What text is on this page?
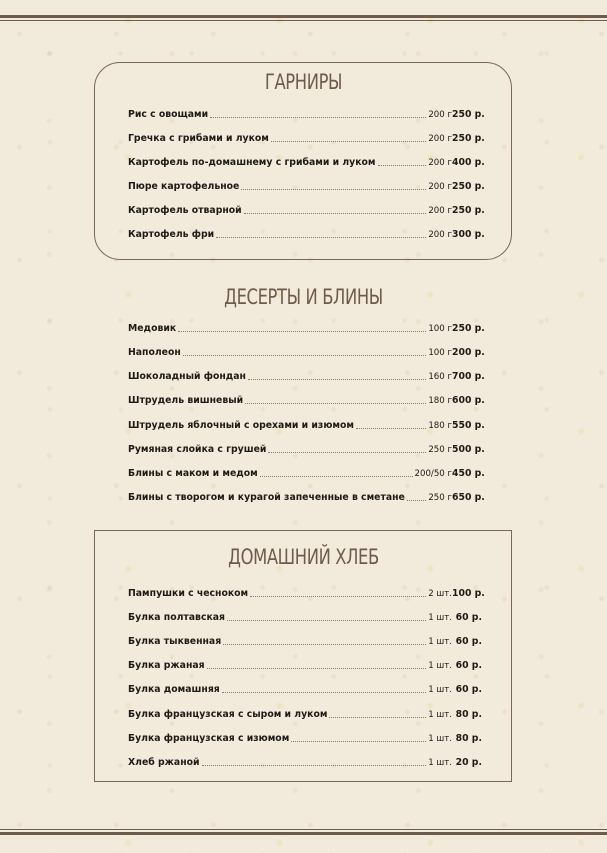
ГАРНИРЫ
Рис с овощами	200 г 250 р.
Гречка с грибами и луком	200 г 250 р.
Картофель по-домашнему с грибами и луком	200 г 400 р.
Пюре картофельное	200 г 250 р.
Картофель отварной	200 г 250 р.
Картофель фри	200 г 300 р.
ДЕСЕРТЫ И БЛИНЫ
Медовик	100 г 250 р.
Наполеон	100 г 200 р.
Шоколадный фондан	160 г 700 р.
Штрудель вишневый	180 г 600 р.
Штрудель яблочный с орехами и изюмом	180 г 550 р.
Румяная слойка с грушей	250 г 500 р.
Блины с маком и медом	200/50 г 450 р.
Блины с творогом и курагой запеченные в сметане	250 г 650 р.
ДОМАШНИЙ ХЛЕБ
Пампушки с чесноком	2 шт. 100 р.
Булка полтавская	1 шт. 60 р.
Булка тыквенная	1 шт. 60 р.
Булка ржаная	1 шт. 60 р.
Булка домашняя	1 шт. 60 р.
Булка французская с сыром и луком	1 шт. 80 р.
Булка французская с изюмом	1 шт. 80 р.
Хлеб ржаной	1 шт. 20 р.
